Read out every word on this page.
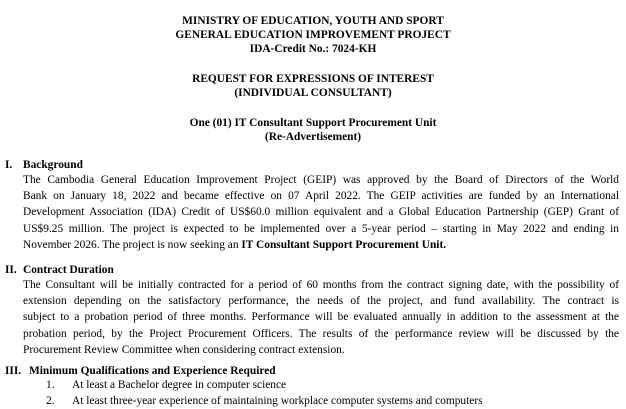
MINISTRY OF EDUCATION, YOUTH AND SPORT
GENERAL EDUCATION IMPROVEMENT PROJECT
IDA-Credit No.: 7024-KH
REQUEST FOR EXPRESSIONS OF INTEREST
(INDIVIDUAL CONSULTANT)
One (01) IT Consultant Support Procurement Unit
(Re-Advertisement)
I. Background
The Cambodia General Education Improvement Project (GEIP) was approved by the Board of Directors of the World
Bank on January 18, 2022 and became effective on 07 April 2022. The GEIP activities are funded by an International
Development Association (IDA) Credit of US$60.0 million equivalent and a Global Education Partnership (GEP) Grant of
US$9.25 million. The project is expected to be implemented over a 5-year period – starting in May 2022 and ending in
November 2026. The project is now seeking an IT Consultant Support Procurement Unit.
II. Contract Duration
The Consultant will be initially contracted for a period of 60 months from the contract signing date, with the possibility of
extension depending on the satisfactory performance, the needs of the project, and fund availability. The contract is
subject to a probation period of three months. Performance will be evaluated annually in addition to the assessment at the
probation period, by the Project Procurement Officers. The results of the performance review will be discussed by the
Procurement Review Committee when considering contract extension.
III. Minimum Qualifications and Experience Required
1. At least a Bachelor degree in computer science
2. At least three-year experience of maintaining workplace computer systems and computers
